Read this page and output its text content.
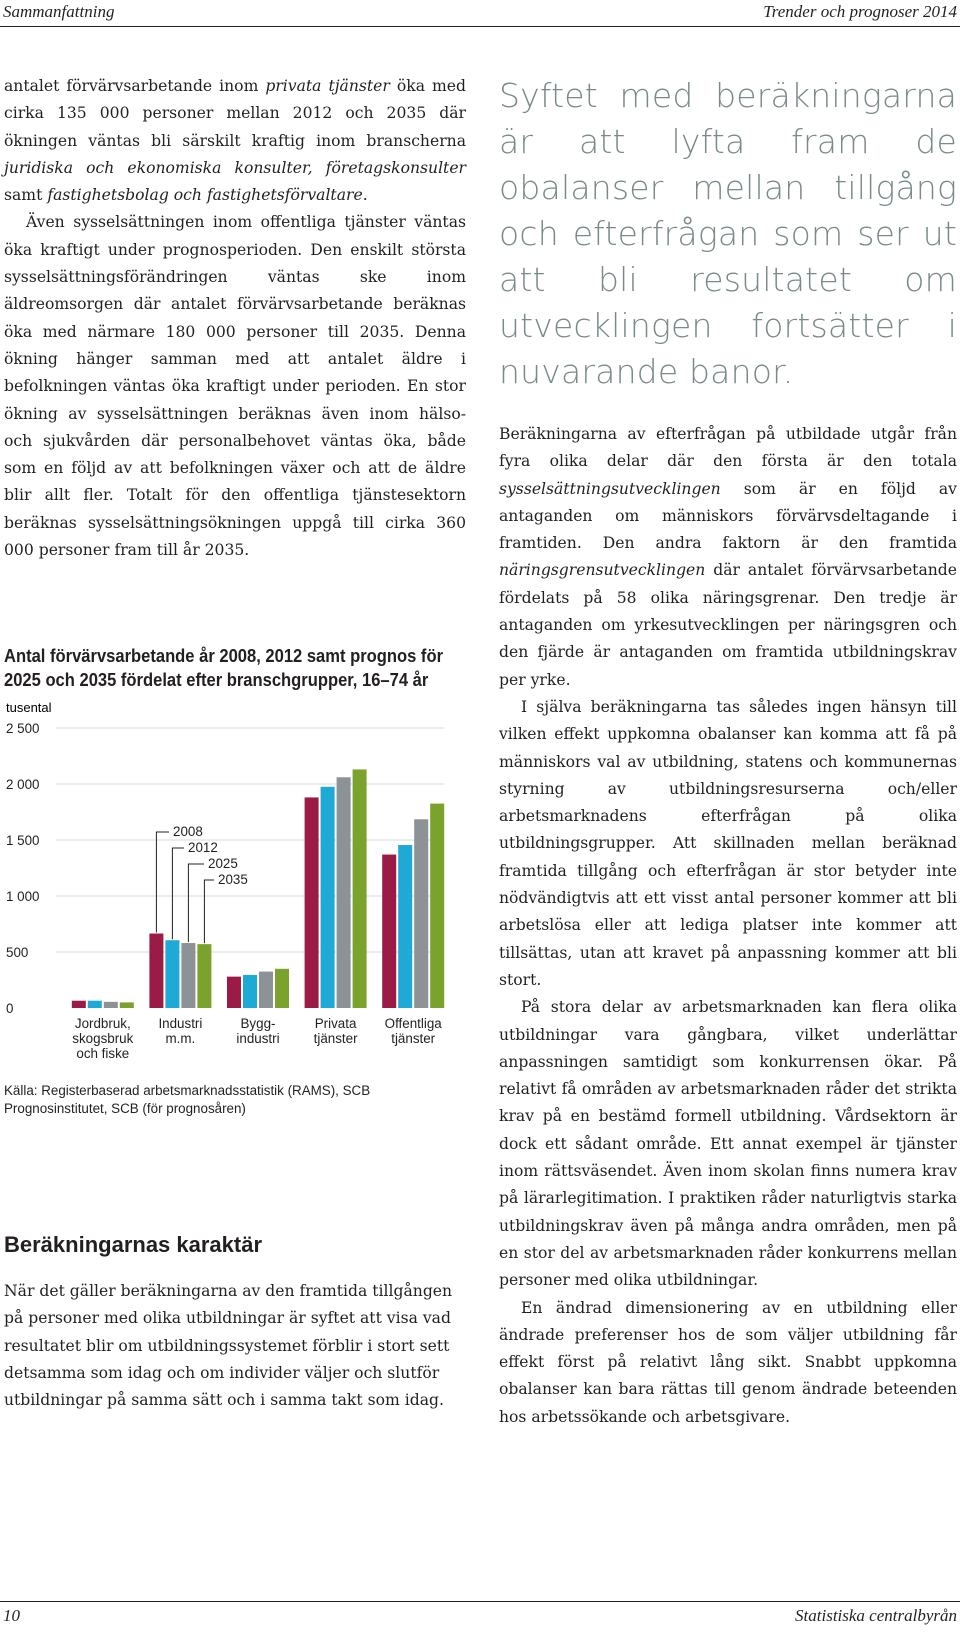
Sammanfattning	Trender och prognoser 2014

antalet förvärvsarbetande inom privata tjänster öka med cirka 135 000 personer mellan 2012 och 2035 där ökningen väntas bli särskilt kraftig inom branscherna juridiska och ekonomiska konsulter, företagskonsulter samt fastighetsbolag och fastighetsförvaltare.

Även sysselsättningen inom offentliga tjänster väntas öka kraftigt under prognosperioden. Den enskilt största sysselsättningsförändringen väntas ske inom äldreomsorgen där antalet förvärvsarbetande beräknas öka med närmare 180 000 personer till 2035. Denna ökning hänger samman med att antalet äldre i befolkningen väntas öka kraftigt under perioden. En stor ökning av sysselsättningen beräknas även inom hälso- och sjukvården där personalbehovet väntas öka, både som en följd av att befolkningen växer och att de äldre blir allt fler. Totalt för den offentliga tjänstesektorn beräknas sysselsättningsökningen uppgå till cirka 360 000 personer fram till år 2035.

Antal förvärvsarbetande år 2008, 2012 samt prognos för 2025 och 2035 fördelat efter branschgrupper, 16–74 år

tusental
0
500
1 000
1 500
2 000
2 500
2008
2012
2025
2035
Jordbruk,
skogsbruk
och fiske
Industri
m.m.
Bygg-
industri
Privata
tjänster
Offentliga
tjänster

Källa: Registerbaserad arbetsmarknadsstatistik (RAMS), SCB

Prognosinstitutet, SCB (för prognosåren)

Beräkningarnas karaktär

När det gäller beräkningarna av den framtida tillgången på personer med olika utbildningar är syftet att visa vad resultatet blir om utbildningssystemet förblir i stort sett detsamma som idag och om individer väljer och slutför utbildningar på samma sätt och i samma takt som idag.

Syftet med beräkningarna är att lyfta fram de obalanser mellan tillgång och efterfrågan som ser ut att bli resultatet om utvecklingen fortsätter i nuvarande banor.

Beräkningarna av efterfrågan på utbildade utgår från fyra olika delar där den första är den totala sysselsättningsutvecklingen som är en följd av antaganden om människors förvärvsdeltagande i framtiden. Den andra faktorn är den framtida näringsgrensutvecklingen där antalet förvärvsarbetande fördelats på 58 olika näringsgrenar. Den tredje är antaganden om yrkesutvecklingen per näringsgren och den fjärde är antaganden om framtida utbildningskrav per yrke.

I själva beräkningarna tas således ingen hänsyn till vilken effekt uppkomna obalanser kan komma att få på människors val av utbildning, statens och kommunernas styrning av utbildningsresurserna och/eller arbetsmarknadens efterfrågan på olika utbildningsgrupper. Att skillnaden mellan beräknad framtida tillgång och efterfrågan är stor betyder inte nödvändigtvis att ett visst antal personer kommer att bli arbetslösa eller att lediga platser inte kommer att tillsättas, utan att kravet på anpassning kommer att bli stort.

På stora delar av arbetsmarknaden kan flera olika utbildningar vara gångbara, vilket underlättar anpassningen samtidigt som konkurrensen ökar. På relativt få områden av arbetsmarknaden råder det strikta krav på en bestämd formell utbildning. Vårdsektorn är dock ett sådant område. Ett annat exempel är tjänster inom rättsväsendet. Även inom skolan finns numera krav på lärarlegitimation. I praktiken råder naturligtvis starka utbildningskrav även på många andra områden, men på en stor del av arbetsmarknaden råder konkurrens mellan personer med olika utbildningar.

En ändrad dimensionering av en utbildning eller ändrade preferenser hos de som väljer utbildning får effekt först på relativt lång sikt. Snabbt uppkomna obalanser kan bara rättas till genom ändrade beteenden hos arbetssökande och arbetsgivare.

10	Statistiska centralbyrån
